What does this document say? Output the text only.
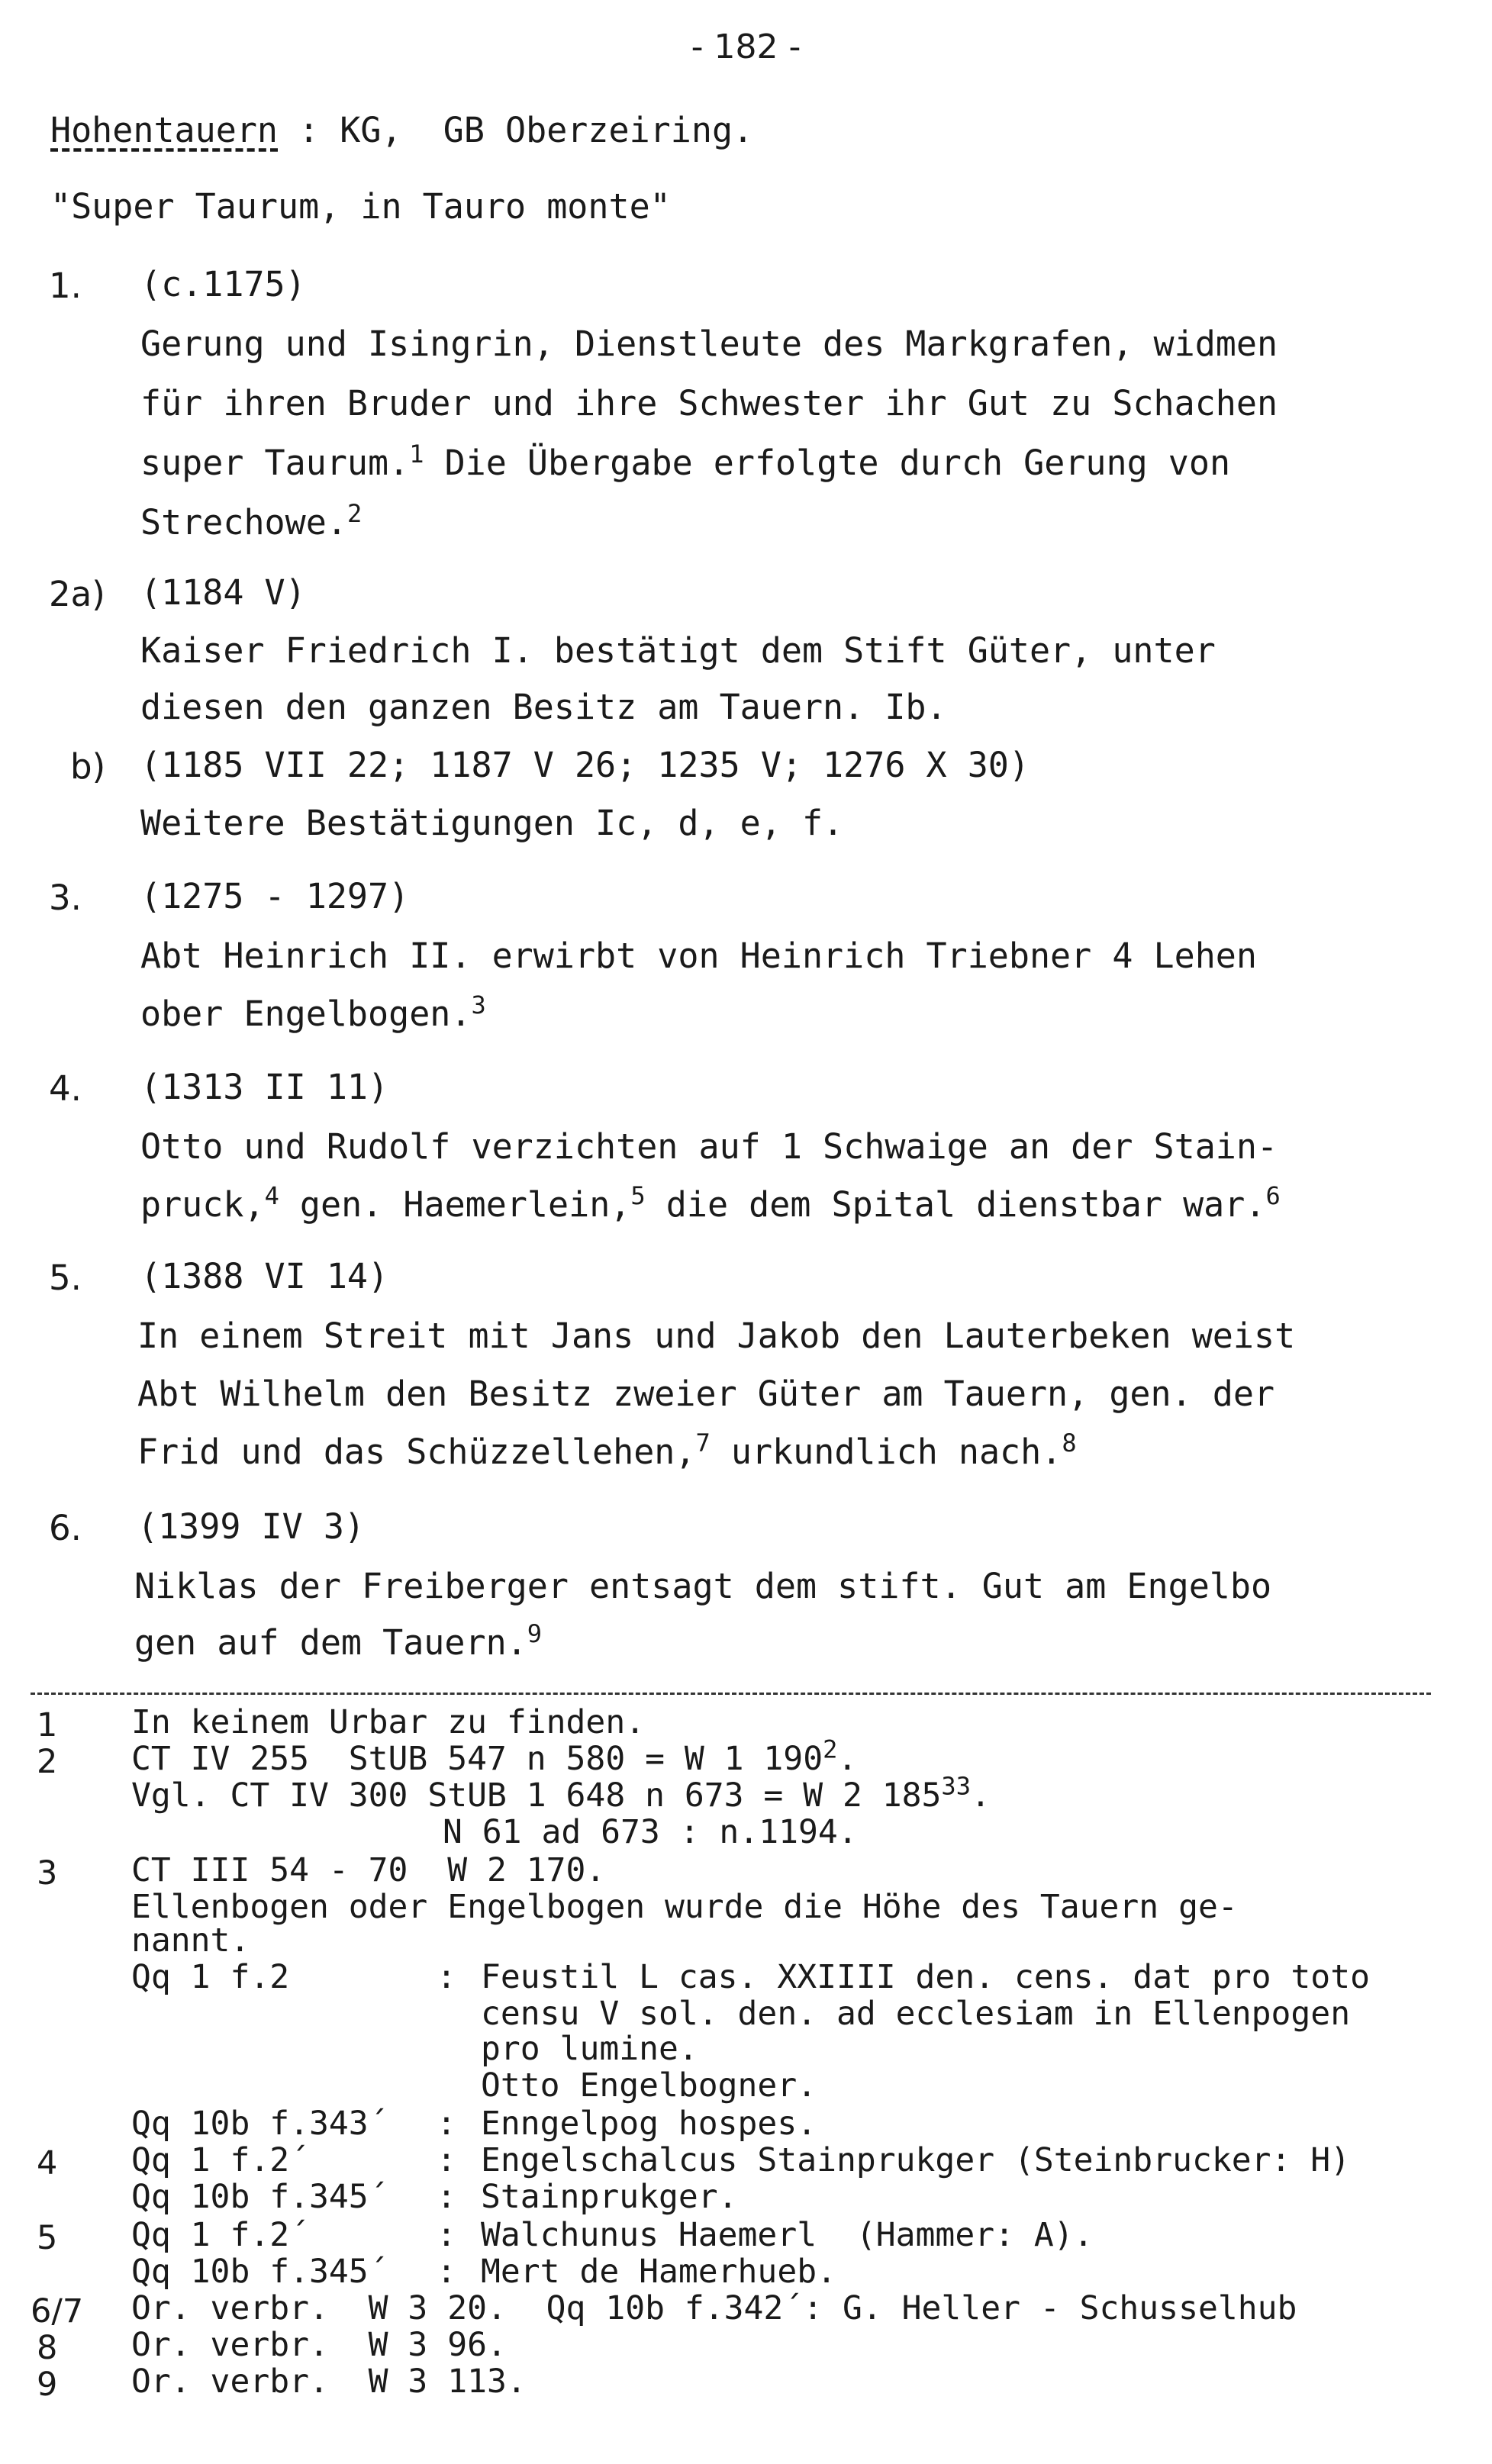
- 182 -
Hohentauern : KG,  GB Oberzeiring.
"Super Taurum, in Tauro monte"
1. (c.1175)
Gerung und Isingrin, Dienstleute des Markgrafen, widmen
für ihren Bruder und ihre Schwester ihr Gut zu Schachen
super Taurum.$^1$ Die Übergabe erfolgte durch Gerung von
Strechowe.$^2$
2a) (1184 V)
Kaiser Friedrich I. bestätigt dem Stift Güter, unter
diesen den ganzen Besitz am Tauern. Ib.
b) (1185 VII 22; 1187 V 26; 1235 V; 1276 X 30)
Weitere Bestätigungen Ic, d, e, f.
3. (1275 - 1297)
Abt Heinrich II. erwirbt von Heinrich Triebner 4 Lehen
ober Engelbogen.$^3$
4. (1313 II 11)
Otto und Rudolf verzichten auf 1 Schwaige an der Stain-
pruck,$^4$ gen. Haemerlein,$^5$ die dem Spital dienstbar war.$^6$
5. (1388 VI 14)
In einem Streit mit Jans und Jakob den Lauterbeken weist
Abt Wilhelm den Besitz zweier Güter am Tauern, gen. der
Frid und das Schüzzellehen,$^7$ urkundlich nach.$^8$
6. (1399 IV 3)
Niklas der Freiberger entsagt dem stift. Gut am Engelbo
gen auf dem Tauern.$^9$
1 In keinem Urbar zu finden.
2 CT IV 255  StUB 547 n 580 = W 1 $190^2$.
Vgl. CT IV 300 StUB 1 648 n 673 = W 2 $185^{33}$.
N 61 ad 673 : n.1194.
3 CT III 54 - 70  W 2 170.
Ellenbogen oder Engelbogen wurde die Höhe des Tauern ge-
nannt.
Qq 1 f.2	: Feustil L cas. XXIIII den. cens. dat pro toto
censu V sol. den. ad ecclesiam in Ellenpogen
pro lumine.
Otto Engelbogner.
Qq 10b f.343´ : Enngelpog hospes.
4 Qq 1 f.2´	: Engelschalcus Stainprukger (Steinbrucker: H)
Qq 10b f.345´ : Stainprukger.
5 Qq 1 f.2´	: Walchunus Haemerl  (Hammer: A).
Qq 10b f.345´ : Mert de Hamerhueb.
6/7 Or. verbr.  W 3 20.  Qq 10b f.342´: G. Heller - Schusselhub
8 Or. verbr.  W 3 96.
9 Or. verbr.  W 3 113.
